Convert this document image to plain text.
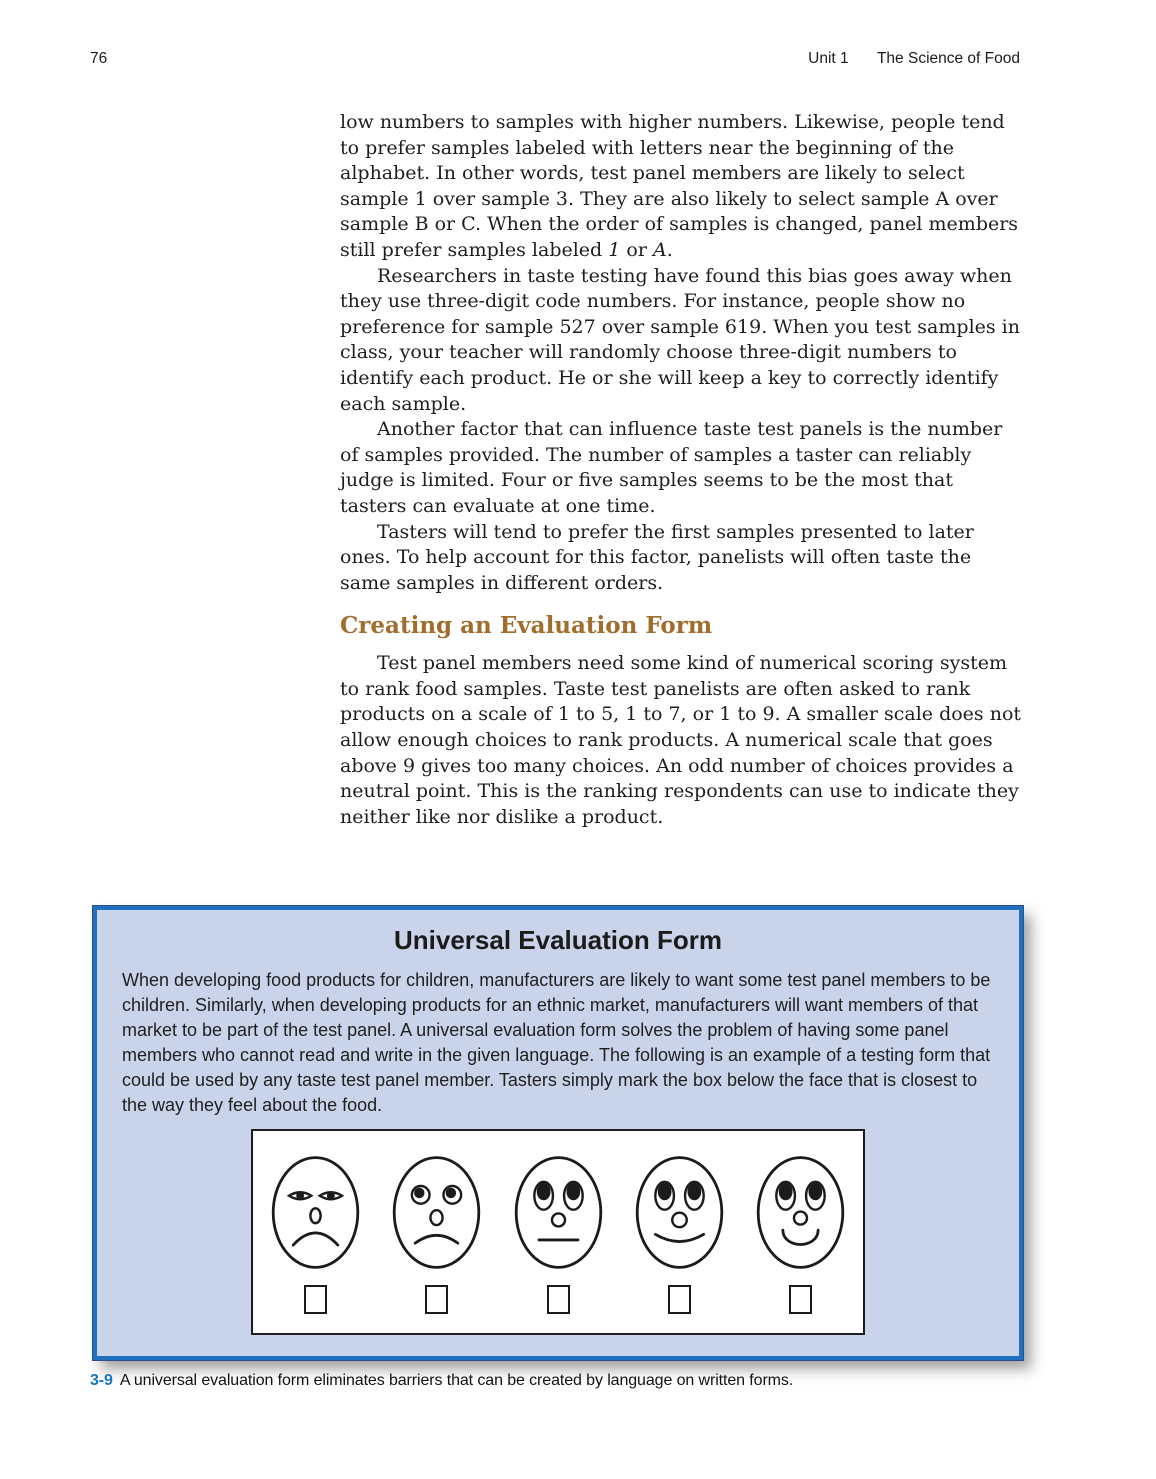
76	Unit 1 The Science of Food

low numbers to samples with higher numbers. Likewise, people tend to prefer samples labeled with letters near the beginning of the alphabet. In other words, test panel members are likely to select sample 1 over sample 3. They are also likely to select sample A over sample B or C. When the order of samples is changed, panel members still prefer samples labeled 1 or A.

Researchers in taste testing have found this bias goes away when they use three-digit code numbers. For instance, people show no preference for sample 527 over sample 619. When you test samples in class, your teacher will randomly choose three-digit numbers to identify each product. He or she will keep a key to correctly identify each sample.

Another factor that can influence taste test panels is the number of samples provided. The number of samples a taster can reliably judge is limited. Four or five samples seems to be the most that tasters can evaluate at one time.

Tasters will tend to prefer the first samples presented to later ones. To help account for this factor, panelists will often taste the same samples in different orders.

Creating an Evaluation Form

Test panel members need some kind of numerical scoring system to rank food samples. Taste test panelists are often asked to rank products on a scale of 1 to 5, 1 to 7, or 1 to 9. A smaller scale does not allow enough choices to rank products. A numerical scale that goes above 9 gives too many choices. An odd number of choices provides a neutral point. This is the ranking respondents can use to indicate they neither like nor dislike a product.

Universal Evaluation Form

When developing food products for children, manufacturers are likely to want some test panel members to be children. Similarly, when developing products for an ethnic market, manufacturers will want members of that market to be part of the test panel. A universal evaluation form solves the problem of having some panel members who cannot read and write in the given language. The following is an example of a testing form that could be used by any taste test panel member. Tasters simply mark the box below the face that is closest to the way they feel about the food.

3-9 A universal evaluation form eliminates barriers that can be created by language on written forms.
